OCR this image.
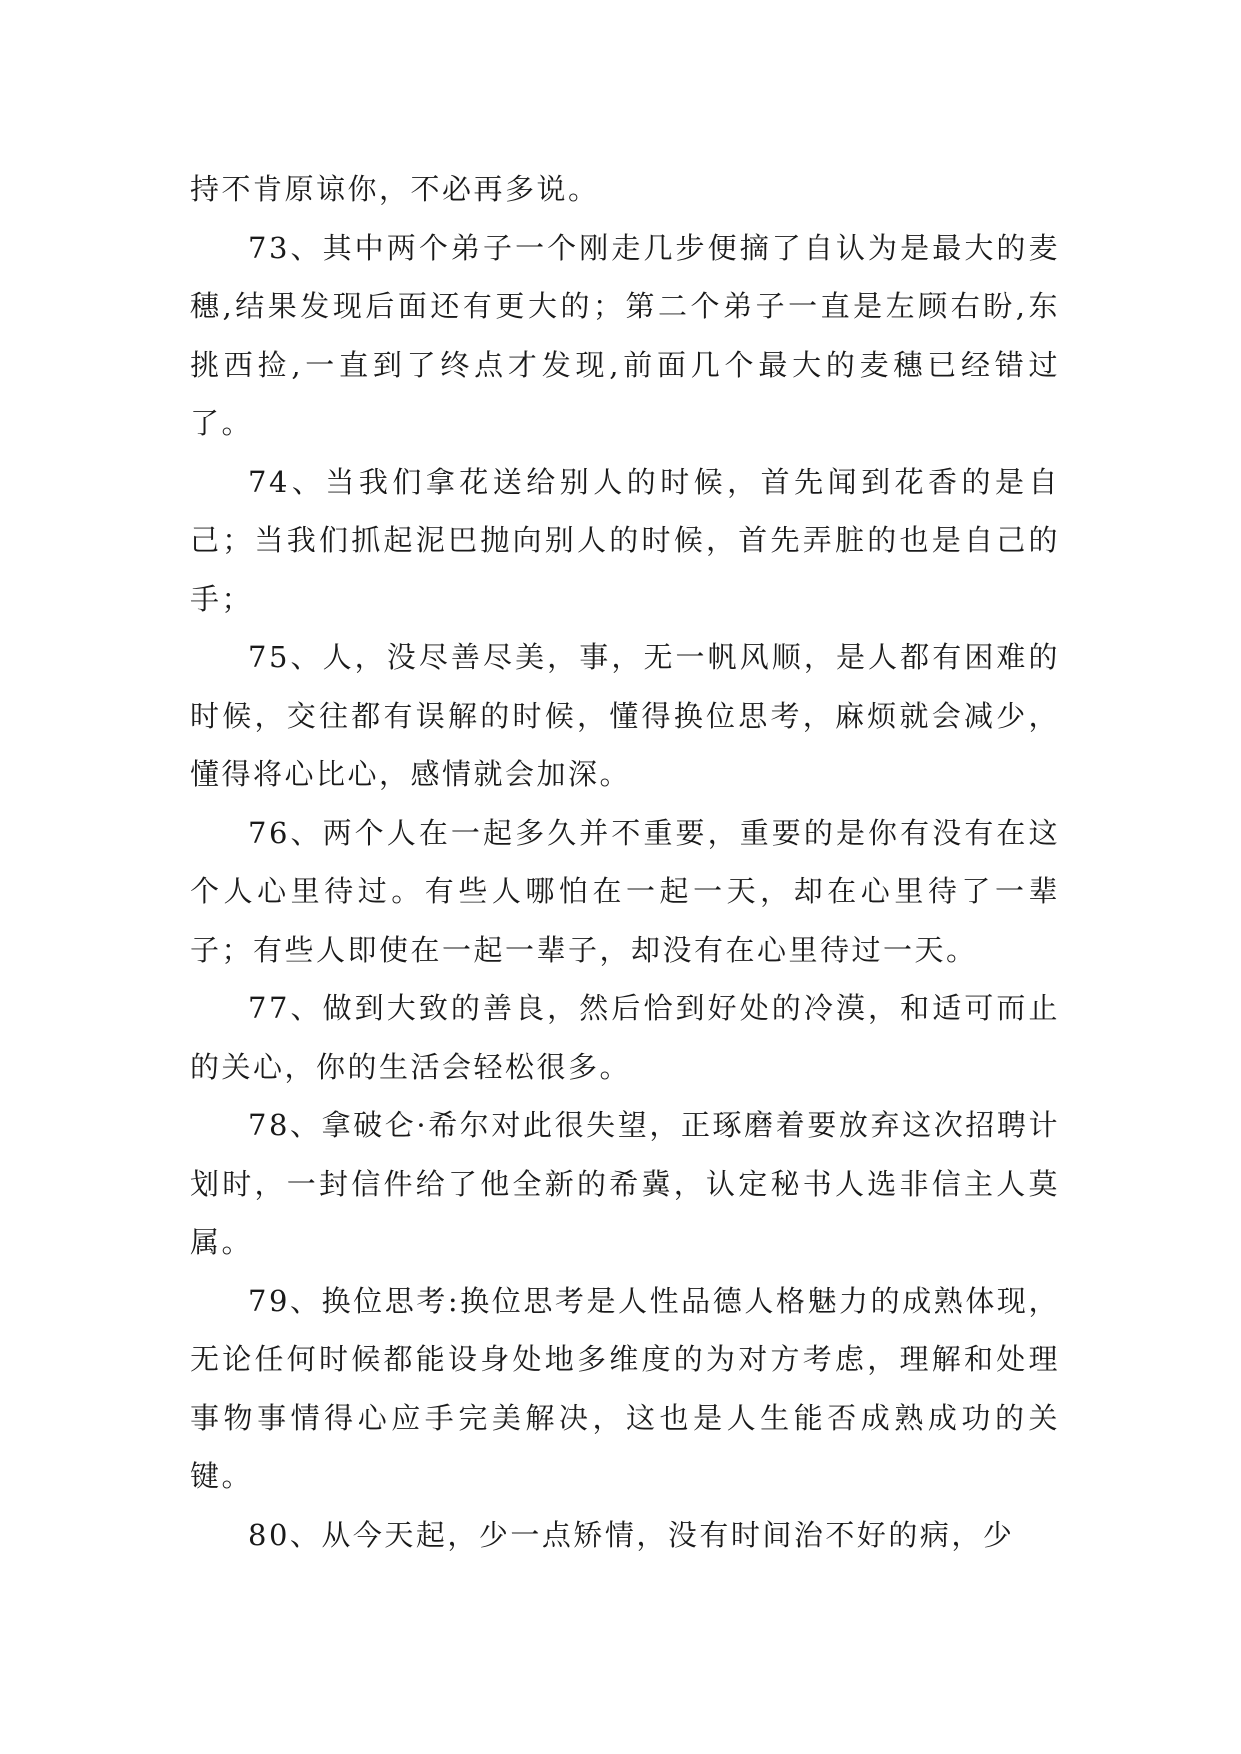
持不肯原谅你，不必再多说。

73、其中两个弟子一个刚走几步便摘了自认为是最大的麦穗,结果发现后面还有更大的；第二个弟子一直是左顾右盼,东挑西捡,一直到了终点才发现,前面几个最大的麦穗已经错过了。

74、当我们拿花送给别人的时候，首先闻到花香的是自己；当我们抓起泥巴抛向别人的时候，首先弄脏的也是自己的手；

75、人，没尽善尽美，事，无一帆风顺，是人都有困难的时候，交往都有误解的时候，懂得换位思考，麻烦就会减少，懂得将心比心，感情就会加深。

76、两个人在一起多久并不重要，重要的是你有没有在这个人心里待过。有些人哪怕在一起一天，却在心里待了一辈子；有些人即使在一起一辈子，却没有在心里待过一天。

77、做到大致的善良，然后恰到好处的冷漠，和适可而止的关心，你的生活会轻松很多。

78、拿破仑·希尔对此很失望，正琢磨着要放弃这次招聘计划时，一封信件给了他全新的希冀，认定秘书人选非信主人莫属。

79、换位思考:换位思考是人性品德人格魅力的成熟体现，无论任何时候都能设身处地多维度的为对方考虑，理解和处理事物事情得心应手完美解决，这也是人生能否成熟成功的关键。

80、从今天起，少一点矫情，没有时间治不好的病，少
